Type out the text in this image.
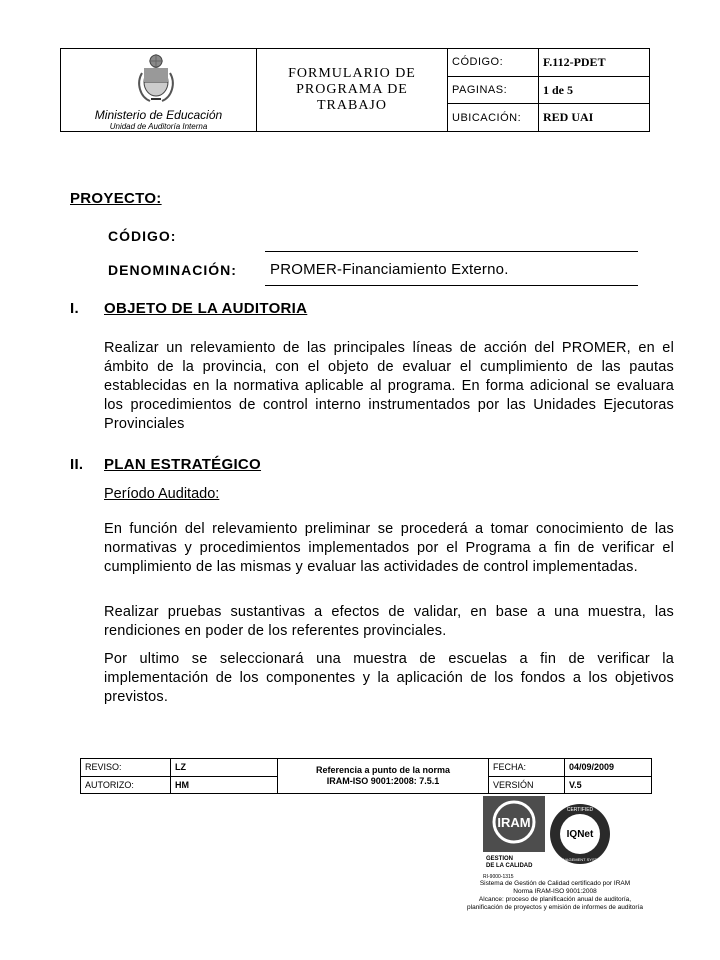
Ministerio de Educación
Unidad de Auditoría Interna
FORMULARIO DE
PROGRAMA DE
TRABAJO
CÓDIGO:	F.112-PDET
PAGINAS:	1 de 5
UBICACIÓN:	RED UAI
PROYECTO:
CÓDIGO:
DENOMINACIÓN: PROMER-Financiamiento Externo.
I. OBJETO DE LA AUDITORIA
Realizar un relevamiento de las principales líneas de acción del PROMER, en el ámbito de la provincia, con el objeto de evaluar el cumplimiento de las pautas establecidas en la normativa aplicable al programa. En forma adicional se evaluara los procedimientos de control interno instrumentados por las Unidades Ejecutoras Provinciales
II. PLAN ESTRATÉGICO
Período Auditado:
En función del relevamiento preliminar se procederá a tomar conocimiento de las normativas y procedimientos implementados por el Programa a fin de verificar el cumplimiento de las mismas y evaluar las actividades de control implementadas.
Realizar pruebas sustantivas a efectos de validar, en base a una muestra, las rendiciones en poder de los referentes provinciales.
Por ultimo se seleccionará una muestra de escuelas a fin de verificar la implementación de los componentes y la aplicación de los fondos a los objetivos previstos.
REVISO:	LZ
AUTORIZO:	HM
Referencia a punto de la norma
IRAM-ISO 9001:2008: 7.5.1
FECHA:	04/09/2009
VERSIÓN	V.5
IRAM
GESTION
DE LA CALIDAD
RI-9000-1315
IQNet
CERTIFIED
MANAGEMENT SYSTEM
Sistema de Gestión de Calidad certificado por IRAM
Norma IRAM-ISO 9001:2008
Alcance: proceso de planificación anual de auditoría,
planificación de proyectos y emisión de informes de auditoría
